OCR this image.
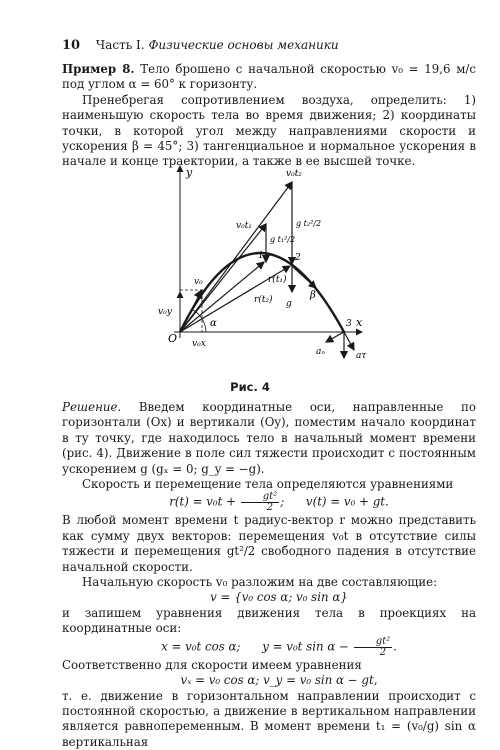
10 Часть I. Физические основы механики

Пример 8. Тело брошено с начальной скоростью v₀ = 19,6 м/с под углом α = 60° к горизонту.

Пренебрегая сопротивлением воздуха, определить: 1) наименьшую скорость тела во время движения; 2) координаты точки, в которой угол между направлениями скорости и ускорения β = 45°; 3) тангенциальное и нормальное ускорения в начале и конце траектории, а также в ее высшей точке.

y
x
O
α
v₀
v₀y
v₀x
v₀t₁
v₀t₂
g t₁²/2
g t₂²/2
r(t₁)
r(t₂)	β
g
aₙ	aτ
1	2
3
Рис. 4

Решение. Введем координатные оси, направленные по горизонтали (Ox) и вертикали (Oy), поместим начало координат в ту точку, где находилось тело в начальный момент времени (рис. 4). Движение в поле сил тяжести происходит с постоянным ускорением g (gₓ = 0; g_y = −g).

Скорость и перемещение тела определяются уравнениями

$r(t) = v_0t + \frac{\text{gt²}}{2}$ ; v(t) = v₀ + gt.

В любой момент времени t радиус-вектор r можно представить как сумму двух векторов: перемещения v₀t в отсутствие силы тяжести и перемещения gt²/2 свободного падения в отсутствие начальной скорости.

Начальную скорость v₀ разложим на две составляющие:

v = {v₀ cos α; v₀ sin α}

и запишем уравнения движения тела в проекциях на координатные оси:

x = v₀t cos α; y = v₀t $\sin \alpha - \frac{\text{gt²}}{2}$ .

Соответственно для скорости имеем уравнения

vₓ = v₀ cos α; v_y = v₀ sin α − gt,

т. е. движение в горизонтальном направлении происходит с постоянной скоростью, а движение в вертикальном направлении является равнопеременным. В момент времени t₁ = (v₀/g) sin α вертикальная
